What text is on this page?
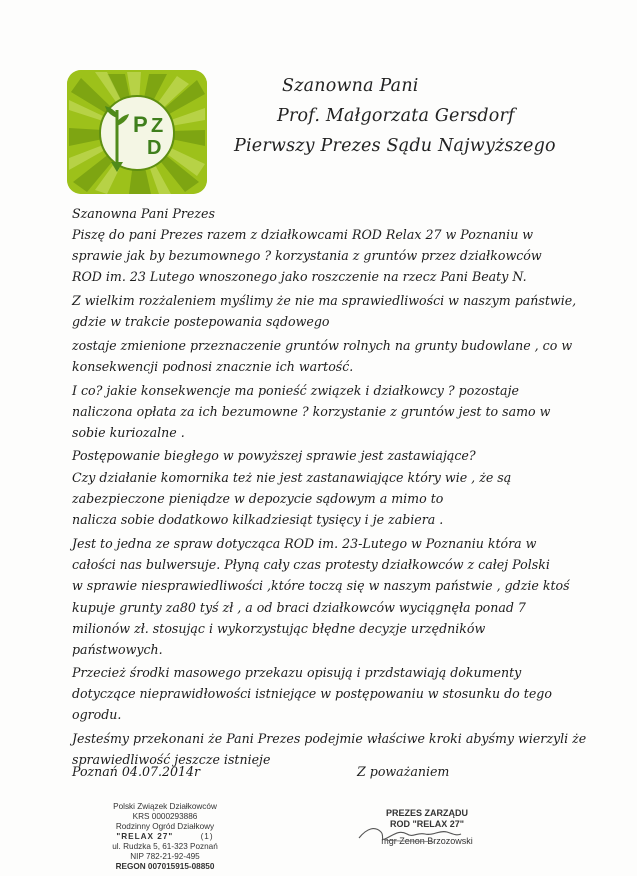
P Z
D
Szanowna Pani
Prof. Małgorzata Gersdorf
Pierwszy Prezes Sądu Najwyższego
Szanowna Pani Prezes
Piszę do pani Prezes razem z działkowcami ROD Relax 27 w Poznaniu w
sprawie jak by bezumownego ? korzystania z gruntów przez działkowców
ROD im. 23 Lutego wnoszonego jako roszczenie na rzecz Pani Beaty N.
Z wielkim rozżaleniem myślimy że nie ma sprawiedliwości w naszym państwie,
gdzie w trakcie postepowania sądowego
zostaje zmienione przeznaczenie gruntów rolnych na grunty budowlane , co w
konsekwencji podnosi znacznie ich wartość.
I co? jakie konsekwencje ma ponieść związek i działkowcy ? pozostaje
naliczona opłata za ich bezumowne ? korzystanie z gruntów jest to samo w
sobie kuriozalne .
Postępowanie biegłego w powyższej sprawie jest zastawiające?
Czy działanie komornika też nie jest zastanawiające który wie , że są
zabezpieczone pieniądze w depozycie sądowym a mimo to
nalicza sobie dodatkowo kilkadziesiąt tysięcy i je zabiera .
Jest to jedna ze spraw dotycząca ROD im. 23-Lutego w Poznaniu która w
całości nas bulwersuje. Płyną cały czas protesty działkowców z całej Polski
w sprawie niesprawiedliwości ,które toczą się w naszym państwie , gdzie ktoś
kupuje grunty za80 tyś zł , a od braci działkowców wyciągnęła ponad 7
milionów zł. stosując i wykorzystując błędne decyzje urzędników
państwowych.
Przecież środki masowego przekazu opisują i przdstawiają dokumenty
dotyczące nieprawidłowości istniejące w postępowaniu w stosunku do tego
ogrodu.
Jesteśmy przekonani że Pani Prezes podejmie właściwe kroki abyśmy wierzyli że
sprawiedliwość jeszcze istnieje
Poznań 04.07.2014r	Z poważaniem
Polski Związek Działkowców
KRS 0000293886
Rodzinny Ogród Działkowy
"RELAX 27"	(1)
ul. Rudzka 5, 61-323 Poznań
NIP 782-21-92-495
REGON 007015915-08850
PREZES ZARZĄDU
ROD "RELAX 27"
mgr Zenon Brzozowski
